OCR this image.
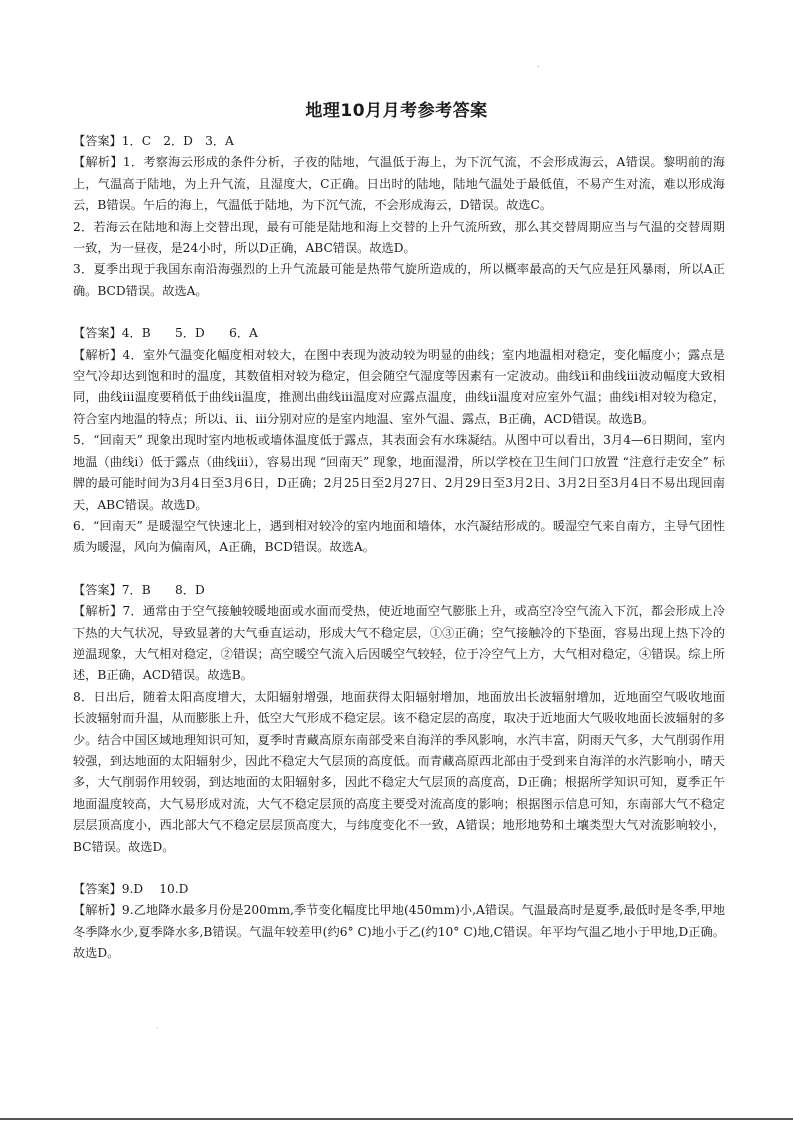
.
地理10月月考参考答案

【答案】1．C　2．D　3．A

【解析】1．考察海云形成的条件分析，子夜的陆地，气温低于海上，为下沉气流，不会形成海云，A错误。黎明前的海上，气温高于陆地，为上升气流，且湿度大，C正确。日出时的陆地，陆地气温处于最低值，不易产生对流，难以形成海云，B错误。午后的海上，气温低于陆地，为下沉气流，不会形成海云，D错误。故选C。

2．若海云在陆地和海上交替出现，最有可能是陆地和海上交替的上升气流所致，那么其交替周期应当与气温的交替周期一致，为一昼夜，是24小时，所以D正确，ABC错误。故选D。

3．夏季出现于我国东南沿海强烈的上升气流最可能是热带气旋所造成的，所以概率最高的天气应是狂风暴雨，所以A正确。BCD错误。故选A。

【答案】4．B　　5．D　　6．A

【解析】4．室外气温变化幅度相对较大，在图中表现为波动较为明显的曲线；室内地温相对稳定，变化幅度小；露点是空气冷却达到饱和时的温度，其数值相对较为稳定，但会随空气湿度等因素有一定波动。曲线ⅱ和曲线ⅲ波动幅度大致相同，曲线ⅲ温度要稍低于曲线ⅱ温度，推测出曲线ⅲ温度对应露点温度，曲线ⅱ温度对应室外气温；曲线ⅰ相对较为稳定，符合室内地温的特点；所以ⅰ、ⅱ、ⅲ分别对应的是室内地温、室外气温、露点，B正确，ACD错误。故选B。

5．“回南天” 现象出现时室内地板或墙体温度低于露点，其表面会有水珠凝结。从图中可以看出，3月4—6日期间，室内地温（曲线ⅰ）低于露点（曲线ⅲ），容易出现 “回南天” 现象，地面湿滑，所以学校在卫生间门口放置 “注意行走安全” 标牌的最可能时间为3月4日至3月6日，D正确；2月25日至2月27日、2月29日至3月2日、3月2日至3月4日不易出现回南天，ABC错误。故选D。

6．“回南天” 是暖湿空气快速北上，遇到相对较冷的室内地面和墙体，水汽凝结形成的。暖湿空气来自南方，主导气团性质为暖湿，风向为偏南风，A正确，BCD错误。故选A。

【答案】7．B　　8．D

【解析】7．通常由于空气接触较暖地面或水面而受热，使近地面空气膨胀上升，或高空冷空气流入下沉，都会形成上冷下热的大气状况，导致显著的大气垂直运动，形成大气不稳定层，①③正确；空气接触冷的下垫面，容易出现上热下冷的逆温现象，大气相对稳定，②错误；高空暖空气流入后因暖空气较轻，位于冷空气上方，大气相对稳定，④错误。综上所述，B正确，ACD错误。故选B。

8．日出后，随着太阳高度增大，太阳辐射增强，地面获得太阳辐射增加，地面放出长波辐射增加，近地面空气吸收地面长波辐射而升温，从而膨胀上升，低空大气形成不稳定层。该不稳定层的高度，取决于近地面大气吸收地面长波辐射的多少。结合中国区域地理知识可知，夏季时青藏高原东南部受来自海洋的季风影响，水汽丰富，阴雨天气多，大气削弱作用较强，到达地面的太阳辐射少，因此不稳定大气层顶的高度低。而青藏高原西北部由于受到来自海洋的水汽影响小，晴天多，大气削弱作用较弱，到达地面的太阳辐射多，因此不稳定大气层顶的高度高，D正确；根据所学知识可知，夏季正午地面温度较高，大气易形成对流，大气不稳定层顶的高度主要受对流高度的影响；根据图示信息可知，东南部大气不稳定层层顶高度小，西北部大气不稳定层层顶高度大，与纬度变化不一致，A错误；地形地势和土壤类型大气对流影响较小，BC错误。故选D。

【答案】9.D　 10.D

【解析】9.乙地降水最多月份是200mm,季节变化幅度比甲地(450mm)小,A错误。气温最高时是夏季,最低时是冬季,甲地冬季降水少,夏季降水多,B错误。气温年较差甲(约6° C)地小于乙(约10° C)地,C错误。年平均气温乙地小于甲地,D正确。故选D。

.
